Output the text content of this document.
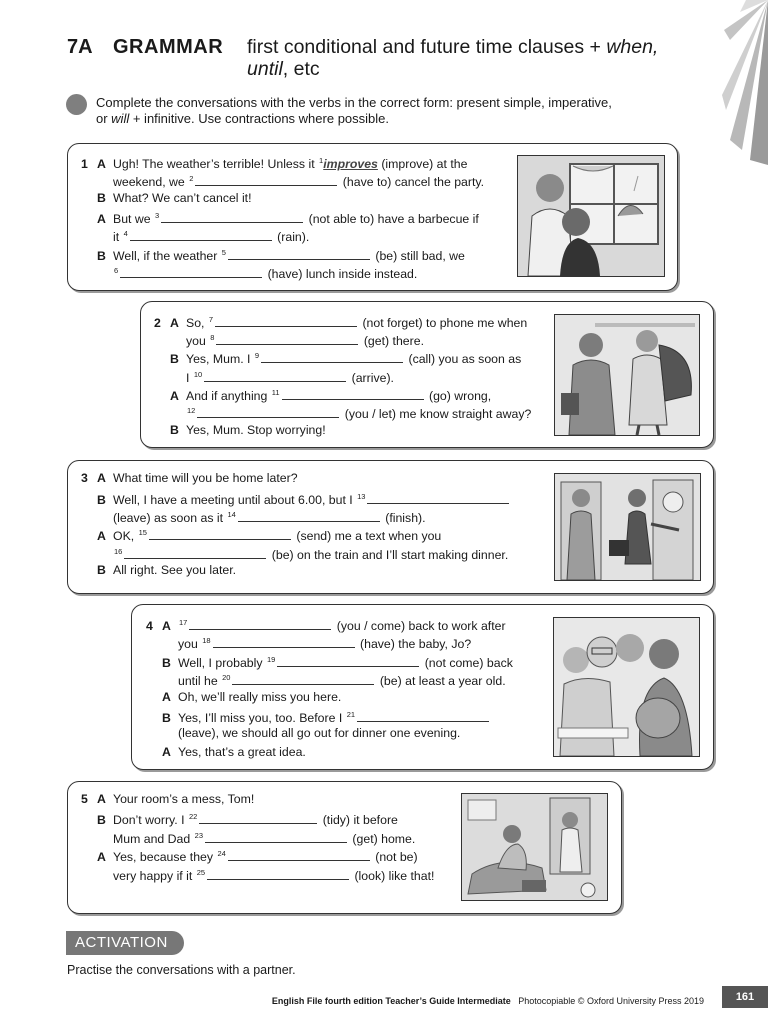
7A GRAMMAR first conditional and future time clauses + when,
until, etc
Complete the conversations with the verbs in the correct form: present simple, imperative,
or will + infinitive. Use contractions where possible.
1 A Ugh! The weather’s terrible! Unless it $^1$improves (improve) at the
weekend, we $^2$	(have to) cancel the party.
B What? We can’t cancel it!
A But we $^3$	(not able to) have a barbecue if
it $^4$	(rain).
B Well, if the weather $^5$	(be) still bad, we
$^6$	(have) lunch inside instead.
2 A So, $^7$	(not forget) to phone me when
you $^8$	(get) there.
B Yes, Mum. I $^9$	(call) you as soon as
I $^{10}$	(arrive).
A And if anything $^{11}$	(go) wrong,
$^{12}$	(you / let) me know straight away?
B Yes, Mum. Stop worrying!
3 A What time will you be home later?
B Well, I have a meeting until about 6.00, but I $^{13}$
(leave) as soon as it $^{14}$	(finish).
A OK, $^{15}$	(send) me a text when you
$^{16}$	(be) on the train and I’ll start making dinner.
B All right. See you later.
4 A $^{17}$	(you / come) back to work after
you $^{18}$	(have) the baby, Jo?
B Well, I probably $^{19}$	(not come) back
until he $^{20}$	(be) at least a year old.
A Oh, we’ll really miss you here.
B Yes, I’ll miss you, too. Before I $^{21}$
(leave), we should all go out for dinner one evening.
A Yes, that’s a great idea.
5 A Your room’s a mess, Tom!
B Don’t worry. I $^{22}$	(tidy) it before
Mum and Dad $^{23}$	(get) home.
A Yes, because they $^{24}$	(not be)
very happy if it $^{25}$	(look) like that!
ACTIVATION
Practise the conversations with a partner.
English File fourth edition Teacher’s Guide Intermediate Photocopiable © Oxford University Press 2019	161
